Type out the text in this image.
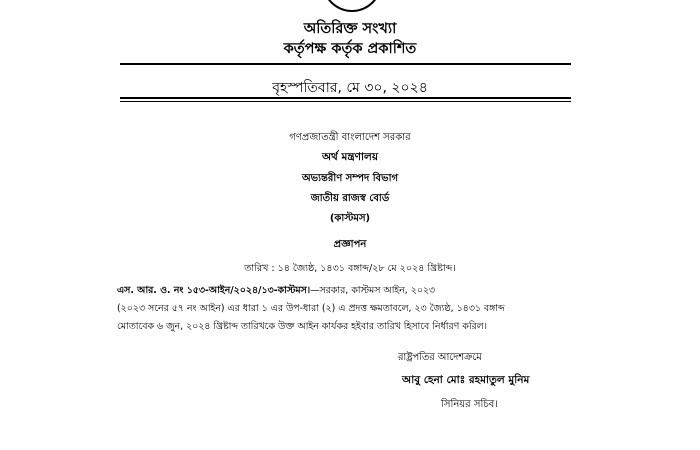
অতিরিক্ত সংখ্যা
কর্তৃপক্ষ কর্তৃক প্রকাশিত
বৃহস্পতিবার, মে ৩০, ২০২৪
গণপ্রজাতন্ত্রী বাংলাদেশ সরকার
অর্থ মন্ত্রণালয়
অভ্যন্তরীণ সম্পদ বিভাগ
জাতীয় রাজস্ব বোর্ড
(কাস্টমস)
প্রজ্ঞাপন
তারিখ : ১৪ জ্যৈষ্ঠ, ১৪৩১ বঙ্গাব্দ/২৮ মে ২০২৪ খ্রিষ্টাব্দ।
এস. আর. ও. নং ১৫৩-আইন/২০২৪/১৩-কাস্টমস।—সরকার, কাস্টমস আইন, ২০২৩
(২০২৩ সনের ৫৭ নং আইন) এর ধারা ১ এর উপ-ধারা (২) এ প্রদত্ত ক্ষমতাবলে, ২৩ জ্যৈষ্ঠ, ১৪৩১ বঙ্গাব্দ
মোতাবেক ৬ জুন, ২০২৪ খ্রিষ্টাব্দ তারিখকে উক্ত আইন কার্যকর হইবার তারিখ হিসাবে নির্ধারণ করিল।
রাষ্ট্রপতির আদেশক্রমে
আবু হেনা মোঃ রহমাতুল মুনিম
সিনিয়র সচিব।
